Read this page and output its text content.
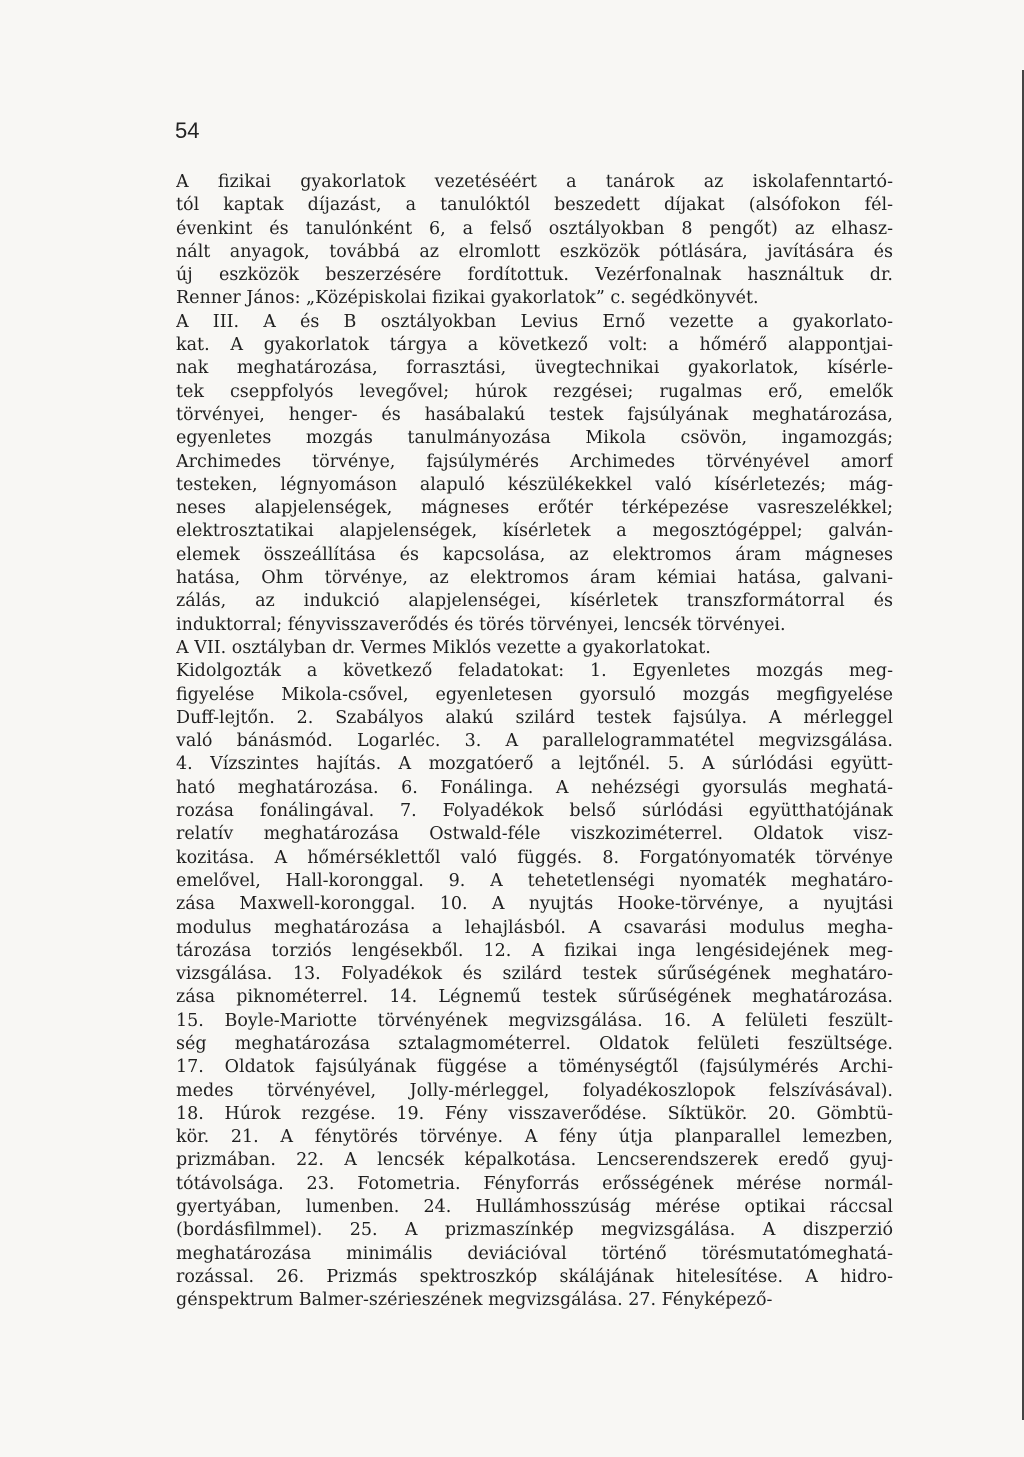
54
A fizikai gyakorlatok vezetéséért a tanárok az iskolafenntartó-
tól kaptak díjazást, a tanulóktól beszedett díjakat (alsófokon fél-
évenkint és tanulónként 6, a felső osztályokban 8 pengőt) az elhasz-
nált anyagok, továbbá az elromlott eszközök pótlására, javítására és
új eszközök beszerzésére fordítottuk. Vezérfonalnak használtuk dr.
Renner János: „Középiskolai fizikai gyakorlatok” c. segédkönyvét.
A III. A és B osztályokban Levius Ernő vezette a gyakorlato-
kat. A gyakorlatok tárgya a következő volt: a hőmérő alappontjai-
nak meghatározása, forrasztási, üvegtechnikai gyakorlatok, kísérle-
tek cseppfolyós levegővel; húrok rezgései; rugalmas erő, emelők
törvényei, henger- és hasábalakú testek fajsúlyának meghatározása,
egyenletes mozgás tanulmányozása Mikola csövön, ingamozgás;
Archimedes törvénye, fajsúlymérés Archimedes törvényével amorf
testeken, légnyomáson alapuló készülékekkel való kísérletezés; mág-
neses alapjelenségek, mágneses erőtér térképezése vasreszelékkel;
elektrosztatikai alapjelenségek, kísérletek a megosztógéppel; galván-
elemek összeállítása és kapcsolása, az elektromos áram mágneses
hatása, Ohm törvénye, az elektromos áram kémiai hatása, galvani-
zálás, az indukció alapjelenségei, kísérletek transzformátorral és
induktorral; fényvisszaverődés és törés törvényei, lencsék törvényei.
A VII. osztályban dr. Vermes Miklós vezette a gyakorlatokat.
Kidolgozták a következő feladatokat: 1. Egyenletes mozgás meg-
figyelése Mikola-csővel, egyenletesen gyorsuló mozgás megfigyelése
Duff-lejtőn. 2. Szabályos alakú szilárd testek fajsúlya. A mérleggel
való bánásmód. Logarléc. 3. A parallelogrammatétel megvizsgálása.
4. Vízszintes hajítás. A mozgatóerő a lejtőnél. 5. A súrlódási együtt-
ható meghatározása. 6. Fonálinga. A nehézségi gyorsulás meghatá-
rozása fonálingával. 7. Folyadékok belső súrlódási együtthatójának
relatív meghatározása Ostwald-féle viszkoziméterrel. Oldatok visz-
kozitása. A hőmérséklettől való függés. 8. Forgatónyomaték törvénye
emelővel, Hall-koronggal. 9. A tehetetlenségi nyomaték meghatáro-
zása Maxwell-koronggal. 10. A nyujtás Hooke-törvénye, a nyujtási
modulus meghatározása a lehajlásból. A csavarási modulus megha-
tározása torziós lengésekből. 12. A fizikai inga lengésidejének meg-
vizsgálása. 13. Folyadékok és szilárd testek sűrűségének meghatáro-
zása piknométerrel. 14. Légnemű testek sűrűségének meghatározása.
15. Boyle-Mariotte törvényének megvizsgálása. 16. A felületi feszült-
ség meghatározása sztalagmométerrel. Oldatok felületi feszültsége.
17. Oldatok fajsúlyának függése a töménységtől (fajsúlymérés Archi-
medes törvényével, Jolly-mérleggel, folyadékoszlopok felszívásával).
18. Húrok rezgése. 19. Fény visszaverődése. Síktükör. 20. Gömbtü-
kör. 21. A fénytörés törvénye. A fény útja planparallel lemezben,
prizmában. 22. A lencsék képalkotása. Lencserendszerek eredő gyuj-
tótávolsága. 23. Fotometria. Fényforrás erősségének mérése normál-
gyertyában, lumenben. 24. Hullámhosszúság mérése optikai ráccsal
(bordásfilmmel). 25. A prizmaszínkép megvizsgálása. A diszperzió
meghatározása minimális deviációval történő törésmutatómeghatá-
rozással. 26. Prizmás spektroszkóp skálájának hitelesítése. A hidro-
génspektrum Balmer-szérieszének megvizsgálása. 27. Fényképező-
